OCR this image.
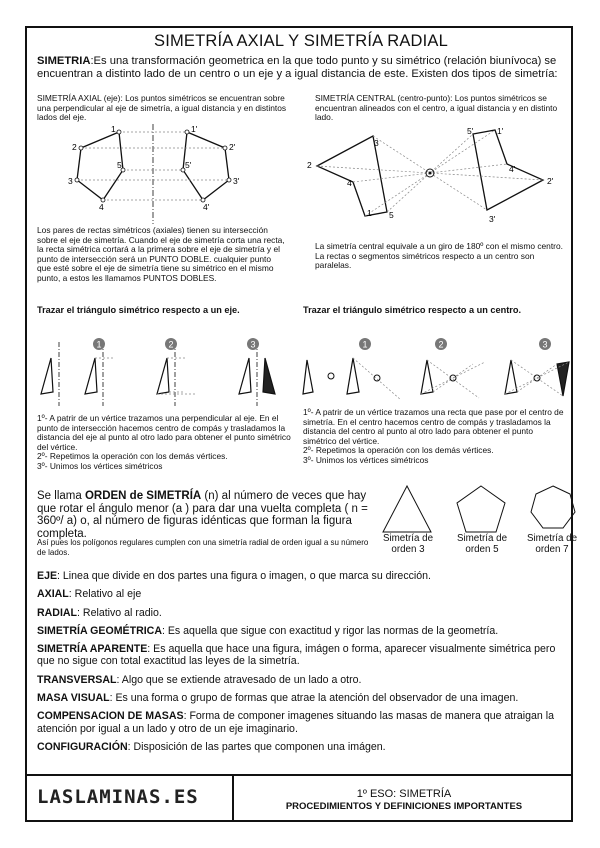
SIMETRÍA AXIAL Y SIMETRÍA RADIAL
SIMETRIA:Es una transformación geometrica en la que todo punto y su simétrico (relación biunívoca) se encuentran a distinto lado de un centro o un eje y a igual distancia de este. Existen dos tipos de simetría:
SIMETRÍA AXIAL (eje): Los puntos simétricos se encuentran sobre una perpendicular al eje de simetría, a igual distancia y en distintos lados del eje.
1
2
3
4
5
1'
2'
3'
4'
5'
Los pares de rectas simétricos (axiales) tienen su intersección sobre el eje de simetría. Cuando el eje de simetría corta una recta, la recta simétrica cortará a la primera sobre el eje de simetría y el punto de intersección será un PUNTO DOBLE. cualquier punto que esté sobre el eje de simetría tiene su simétrico en el mismo punto, a estos les llamamos PUNTOS DOBLES.
SIMETRÍA CENTRAL (centro-punto): Los puntos simétricos se encuentran alineados con el centro, a igual distancia y en distinto lado.
1
2
3
4
5
1'
2'
3'
4'
5'
La simetría central equivale a un giro de 180º con el mismo centro. La rectas o segmentos simétricos respecto a un centro son paralelas.
Trazar el triángulo simétrico respecto a un eje.	Trazar el triángulo simétrico respecto a un centro.
1	2	3	1	2	3
1º- A patrir de un vértice trazamos una perpendicular al eje. En el punto de intersección hacemos centro de compás y trasladamos la distancia del eje al punto al otro lado para obtener el punto simétrico del vértice.
2º- Repetimos la operación con los demás vértices.
3º- Unimos los vértices simétricos
1º- A patrir de un vértice trazamos una recta que pase por el centro de simetría. En el centro hacemos centro de compás y trasladamos la distancia del centro al punto al otro lado para obtener el punto simétrico del vértice.
2º- Repetimos la operación con los demás vértices.
3º- Unimos los vértices simétricos
Se llama ORDEN de SIMETRÍA (n) al número de veces que hay que rotar el ángulo menor (a ) para dar una vuelta completa ( n = 360º/ a) o, al número de figuras idénticas que forman la figura completa.
Así pues los polígonos regulares cumplen con una simetría radial de orden igual a su número de lados.
Simetría de orden 3
Simetría de orden 5
Simetría de orden 7

EJE: Linea que divide en dos partes una figura o imagen, o que marca su dirección.

AXIAL: Relativo al eje

RADIAL: Relativo al radio.

SIMETRÍA GEOMÉTRICA: Es aquella que sigue con exactitud y rigor las normas de la geometría.

SIMETRÍA APARENTE: Es aquella que hace una figura, imágen o forma, aparecer visualmente simétrica pero que no sigue con total exactitud las leyes de la simetría.

TRANSVERSAL: Algo que se extiende atravesado de un lado a otro.

MASA VISUAL: Es una forma o grupo de formas que atrae la atención del observador de una imagen.

COMPENSACION DE MASAS: Forma de componer imagenes situando las masas de manera que atraigan la atención por igual a un lado y otro de un eje imaginario.

CONFIGURACIÓN: Disposición de las partes que componen una imágen.

LASLAMINAS.ES	1º ESO: SIMETRÍA
PROCEDIMIENTOS Y DEFINICIONES IMPORTANTES
